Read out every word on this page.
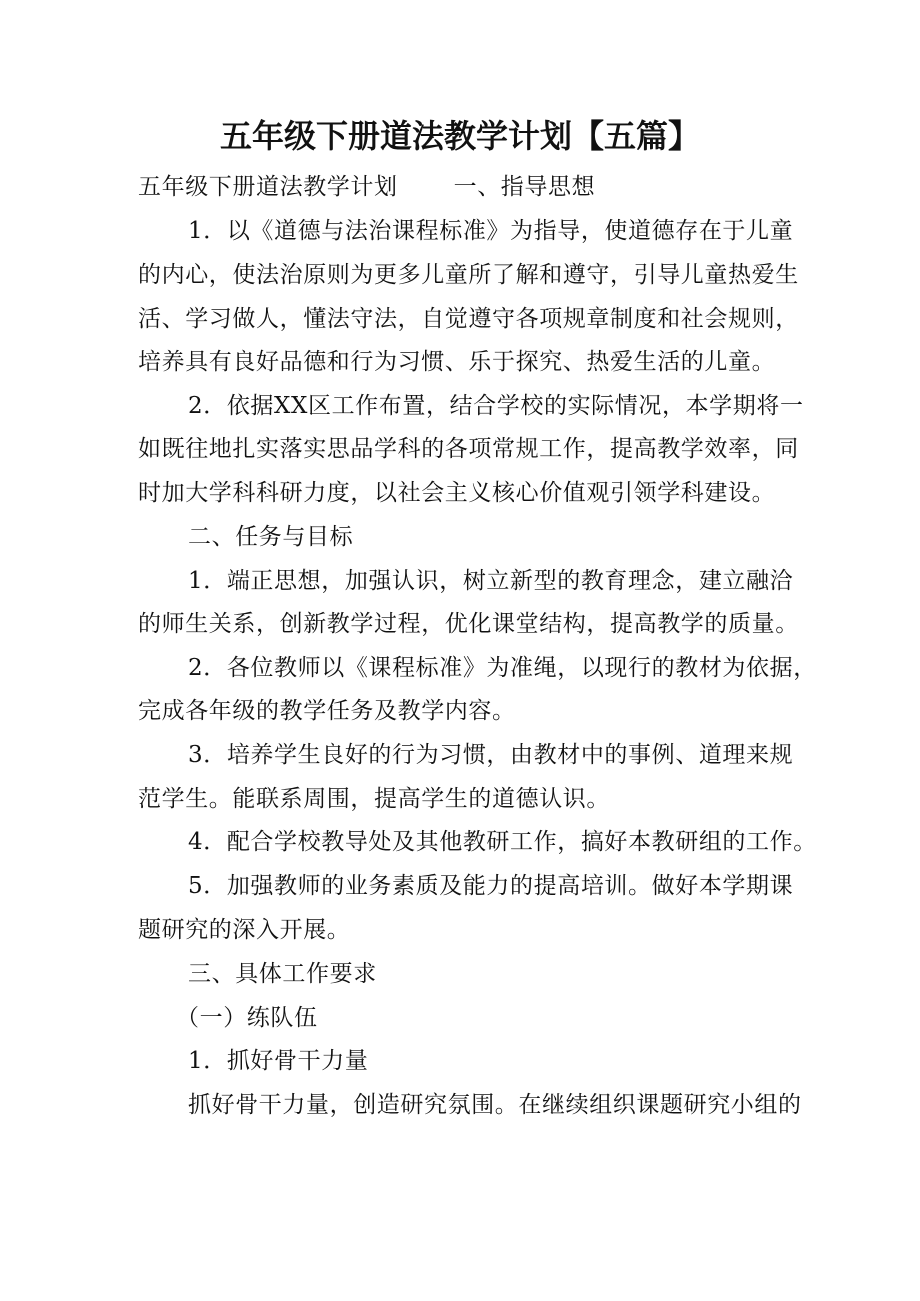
五年级下册道法教学计划【五篇】
五年级下册道法教学计划 一、指导思想
1．以《道德与法治课程标准》为指导，使道德存在于儿童
的内心，使法治原则为更多儿童所了解和遵守，引导儿童热爱生
活、学习做人，懂法守法，自觉遵守各项规章制度和社会规则，
培养具有良好品德和行为习惯、乐于探究、热爱生活的儿童。
2．依据XX区工作布置，结合学校的实际情况，本学期将一
如既往地扎实落实思品学科的各项常规工作，提高教学效率，同
时加大学科科研力度，以社会主义核心价值观引领学科建设。
二、任务与目标
1．端正思想，加强认识，树立新型的教育理念，建立融洽
的师生关系，创新教学过程，优化课堂结构，提高教学的质量。
2．各位教师以《课程标准》为准绳，以现行的教材为依据，
完成各年级的教学任务及教学内容。
3．培养学生良好的行为习惯，由教材中的事例、道理来规
范学生。能联系周围，提高学生的道德认识。
4．配合学校教导处及其他教研工作，搞好本教研组的工作。
5．加强教师的业务素质及能力的提高培训。做好本学期课
题研究的深入开展。
三、具体工作要求
（一）练队伍
1．抓好骨干力量
抓好骨干力量，创造研究氛围。在继续组织课题研究小组的
